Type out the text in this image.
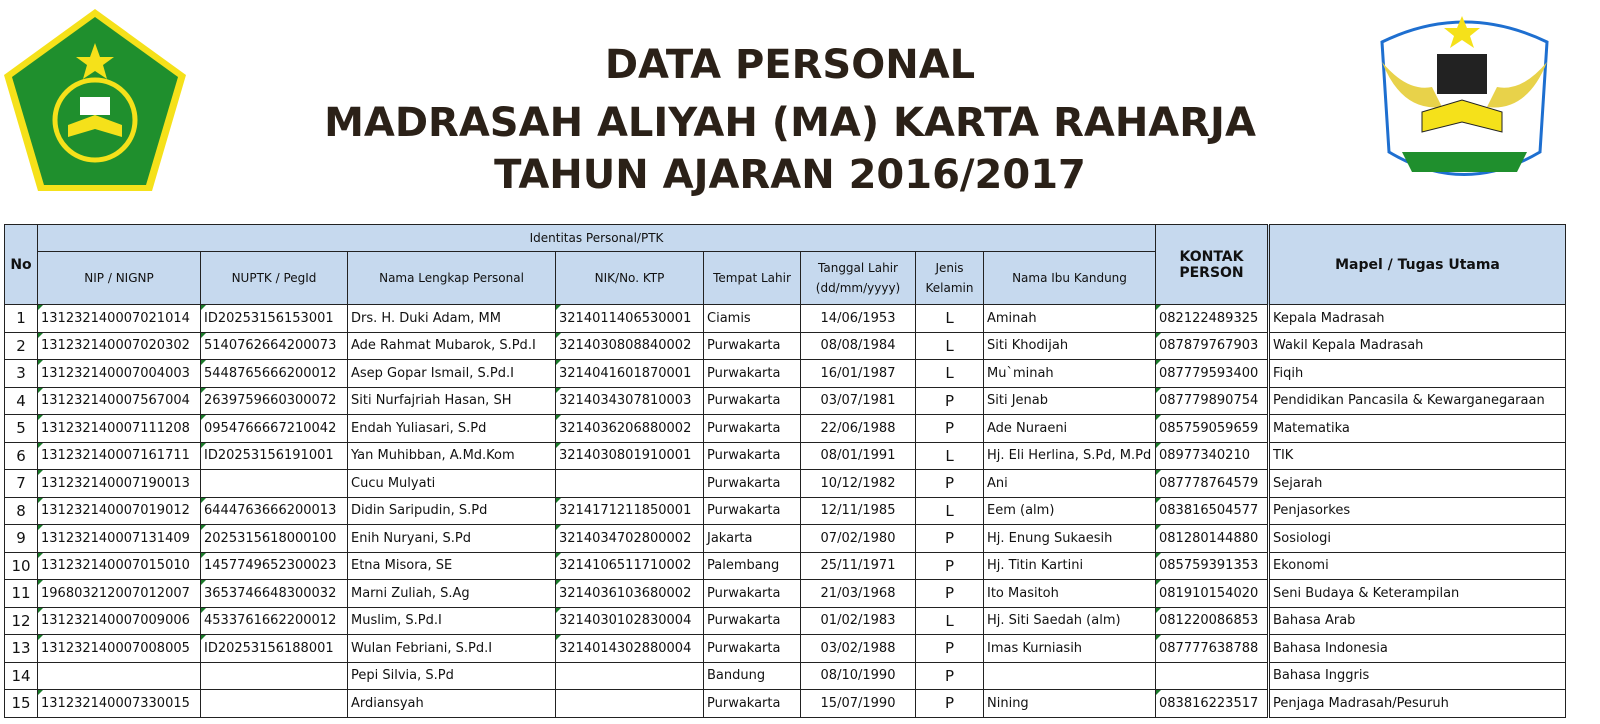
DATA PERSONAL
MADRASAH ALIYAH (MA) KARTA RAHARJA
TAHUN AJARAN 2016/2017
No	Identitas Personal/PTK								KONTAK PERSON	Mapel / Tugas Utama
	NIP / NIGNP	NUPTK / PegId	Nama Lengkap Personal	NIK/No. KTP	Tempat Lahir	Tanggal Lahir (dd/mm/yyyy)	Jenis Kelamin	Nama Ibu Kandung		
1	131232140007021014	ID20253156153001	Drs. H. Duki Adam, MM	3214011406530001	Ciamis	14/06/1953	L	Aminah	082122489325	Kepala Madrasah
2	131232140007020302	5140762664200073	Ade Rahmat Mubarok, S.Pd.I	3214030808840002	Purwakarta	08/08/1984	L	Siti Khodijah	087879767903	Wakil Kepala Madrasah
3	131232140007004003	5448765666200012	Asep Gopar Ismail, S.Pd.I	3214041601870001	Purwakarta	16/01/1987	L	Mu`minah	087779593400	Fiqih
4	131232140007567004	2639759660300072	Siti Nurfajriah Hasan, SH	3214034307810003	Purwakarta	03/07/1981	P	Siti Jenab	087779890754	Pendidikan Pancasila & Kewarganegaraan
5	131232140007111208	0954766667210042	Endah Yuliasari, S.Pd	3214036206880002	Purwakarta	22/06/1988	P	Ade Nuraeni	085759059659	Matematika
6	131232140007161711	ID20253156191001	Yan Muhibban, A.Md.Kom	3214030801910001	Purwakarta	08/01/1991	L	Hj. Eli Herlina, S.Pd, M.Pd	08977340210	TIK
7	131232140007190013		Cucu Mulyati		Purwakarta	10/12/1982	P	Ani	087778764579	Sejarah
8	131232140007019012	6444763666200013	Didin Saripudin, S.Pd	3214171211850001	Purwakarta	12/11/1985	L	Eem (alm)	083816504577	Penjasorkes
9	131232140007131409	2025315618000100	Enih Nuryani, S.Pd	3214034702800002	Jakarta	07/02/1980	P	Hj. Enung Sukaesih	081280144880	Sosiologi
10	131232140007015010	1457749652300023	Etna Misora, SE	3214106511710002	Palembang	25/11/1971	P	Hj. Titin Kartini	085759391353	Ekonomi
11	196803212007012007	3653746648300032	Marni Zuliah, S.Ag	3214036103680002	Purwakarta	21/03/1968	P	Ito Masitoh	081910154020	Seni Budaya & Keterampilan
12	131232140007009006	4533761662200012	Muslim, S.Pd.I	3214030102830004	Purwakarta	01/02/1983	L	Hj. Siti Saedah (alm)	081220086853	Bahasa Arab
13	131232140007008005	ID20253156188001	Wulan Febriani, S.Pd.I	3214014302880004	Purwakarta	03/02/1988	P	Imas Kurniasih	087777638788	Bahasa Indonesia
14			Pepi Silvia, S.Pd		Bandung	08/10/1990	P			Bahasa Inggris
15	131232140007330015		Ardiansyah		Purwakarta	15/07/1990	P	Nining	083816223517	Penjaga Madrasah/Pesuruh
